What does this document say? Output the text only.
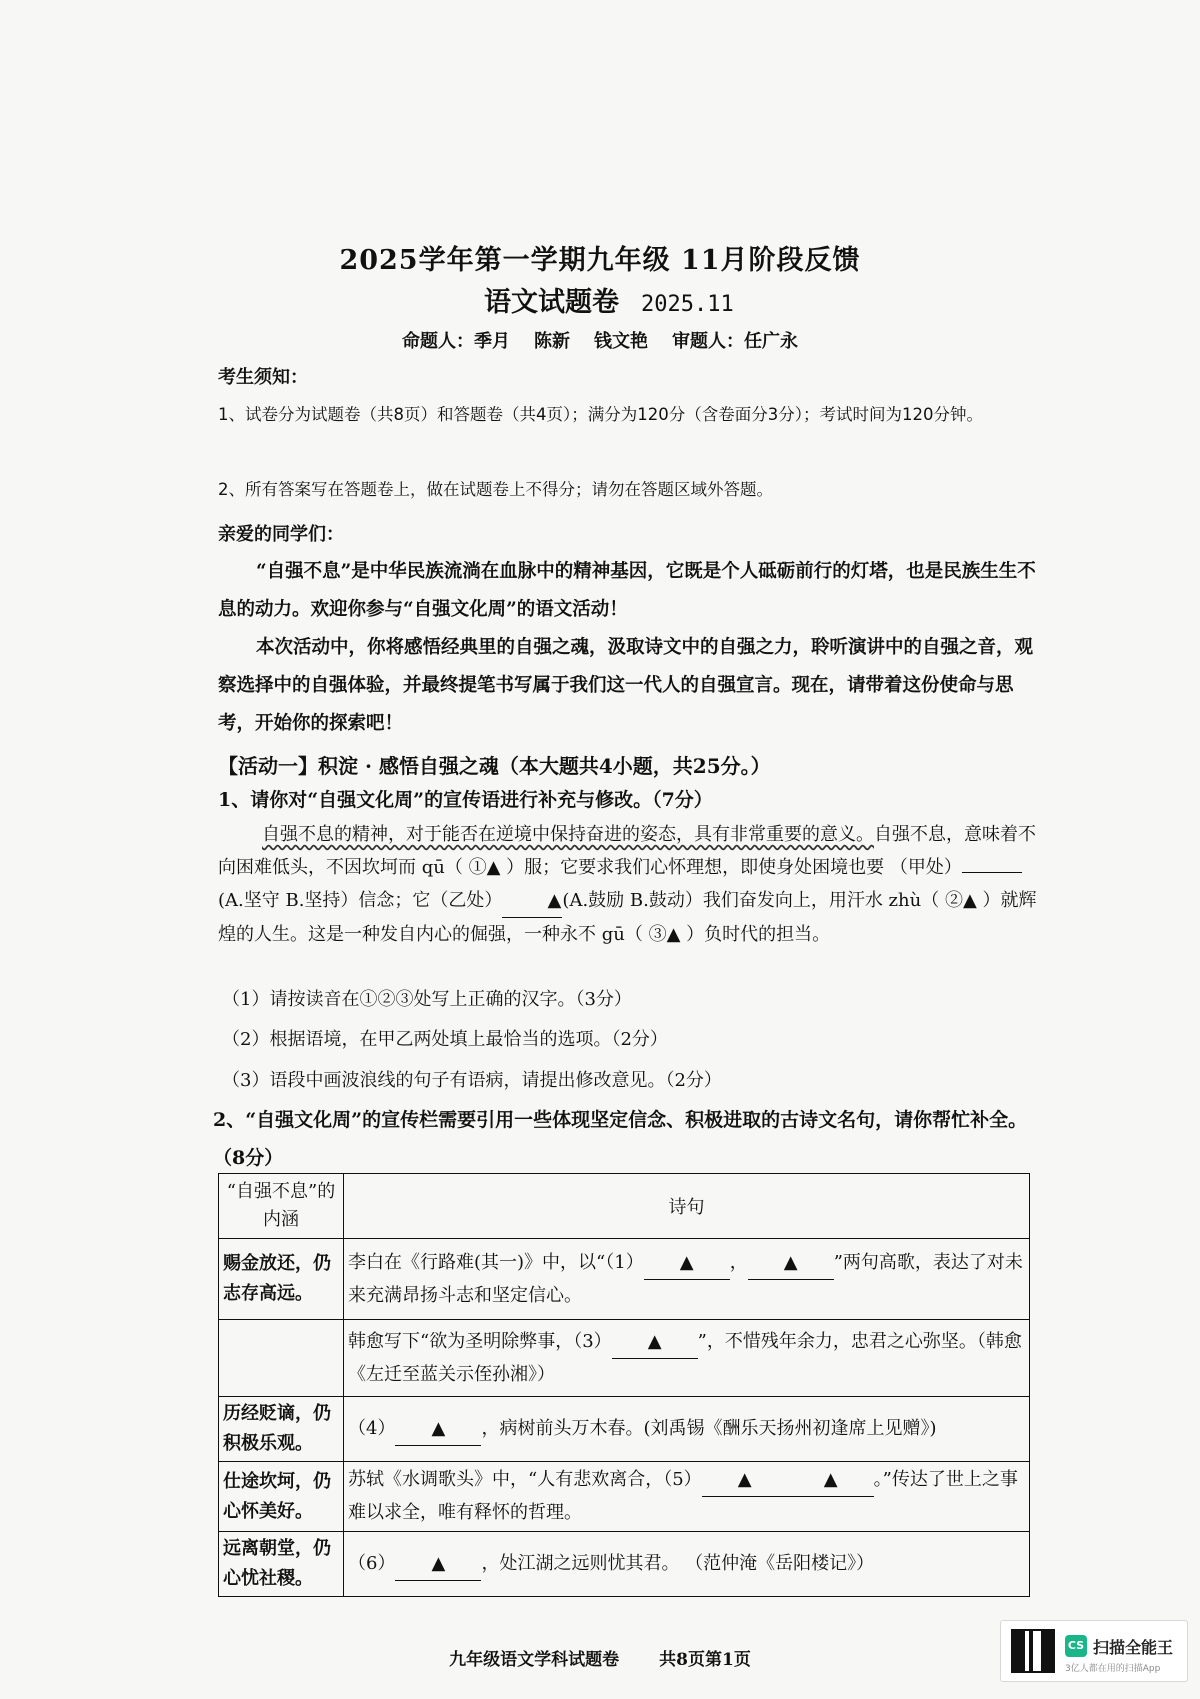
2025学年第一学期九年级 11月阶段反馈
语文试题卷 2025.11
命题人：季月 陈新 钱文艳 审题人：任广永
考生须知：
1、试卷分为试题卷（共8页）和答题卷（共4页）；满分为120分（含卷面分3分）；考试时间为120分钟。
2、所有答案写在答题卷上，做在试题卷上不得分；请勿在答题区域外答题。
亲爱的同学们：
“自强不息”是中华民族流淌在血脉中的精神基因，它既是个人砥砺前行的灯塔，也是民族生生不息的动力。欢迎你参与“自强文化周”的语文活动！
本次活动中，你将感悟经典里的自强之魂，汲取诗文中的自强之力，聆听演讲中的自强之音，观察选择中的自强体验，并最终提笔书写属于我们这一代人的自强宣言。现在，请带着这份使命与思考，开始你的探索吧！
【活动一】积淀 · 感悟自强之魂（本大题共4小题，共25分。）
1、请你对“自强文化周”的宣传语进行补充与修改。（7分）
自强不息的精神，对于能否在逆境中保持奋进的姿态，具有非常重要的意义。自强不息，意味着不向困难低头，不因坎坷而 qū（ ①▲ ）服；它要求我们心怀理想，即使身处困境也要 （甲处）(A.坚守 B.坚持）信念；它（乙处）	▲(A.鼓励 B.鼓动）我们奋发向上，用汗水 zhù（ ②▲ ）就辉煌的人生。这是一种发自内心的倔强，一种永不 gū（ ③▲ ）负时代的担当。
（1）请按读音在①②③处写上正确的汉字。（3分）
（2）根据语境，在甲乙两处填上最恰当的选项。（2分）
（3）语段中画波浪线的句子有语病，请提出修改意见。（2分）
2、“自强文化周”的宣传栏需要引用一些体现坚定信念、积极进取的古诗文名句，请你帮忙补全。（8分）
“自强不息”的内涵	诗句
赐金放还，仍志存高远。	李白在《行路难(其一)》中，以“（1） ▲ ， ▲ ”两句高歌，表达了对未来充满昂扬斗志和坚定信心。
	韩愈写下“欲为圣明除弊事，（3） ▲ ”，不惜残年余力，忠君之心弥坚。（韩愈《左迁至蓝关示侄孙湘》）
历经贬谪，仍积极乐观。	（4） ▲ ，病树前头万木春。(刘禹锡《酬乐天扬州初逢席上见赠》)
仕途坎坷，仍心怀美好。	苏轼《水调歌头》中，“人有悲欢离合，（5） ▲ ▲ 。”传达了世上之事难以求全，唯有释怀的哲理。
远离朝堂，仍心忧社稷。	（6） ▲ ，处江湖之远则忧其君。 （范仲淹《岳阳楼记》）
九年级语文学科试题卷 共8页第1页
CS 扫描全能王
3亿人都在用的扫描App
